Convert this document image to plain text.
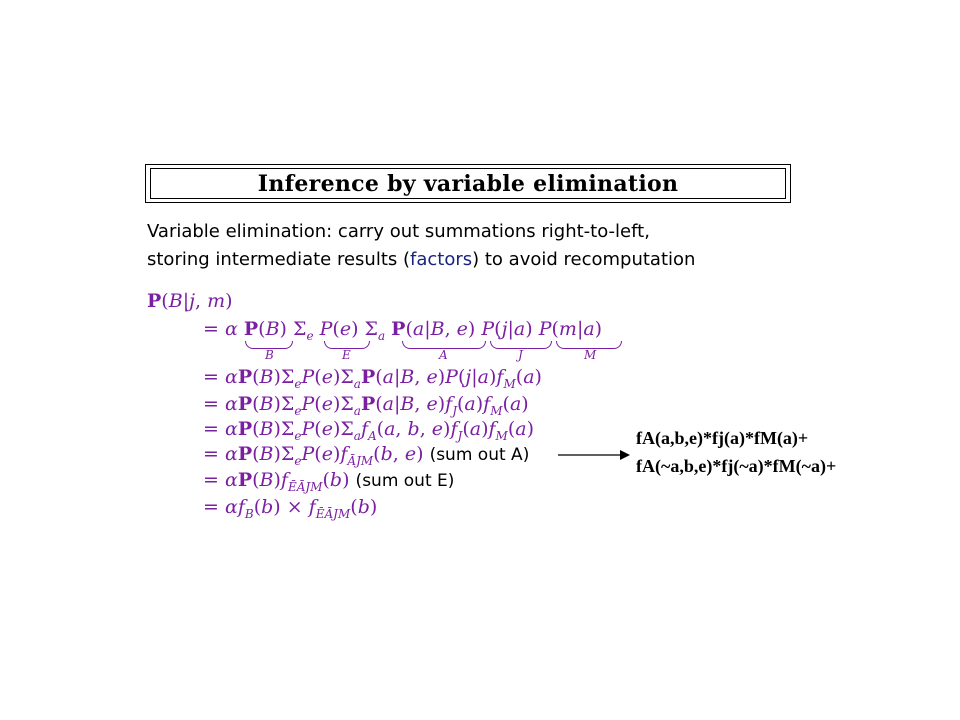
Inference by variable elimination
Variable elimination: carry out summations right-to-left,
storing intermediate results (factors) to avoid recomputation
P(B|j, m)
= α P(B) $\Sigma_e$ P(e) $\Sigma_a$ P(a|B, e) P(j|a) P(m|a)
B	E	A	J	M
= $\alpha P(B)\Sigma_eP(e)\Sigma_aP(a|B$, $e)P(j|a)f_M(a)$
= $\alpha P(B)\Sigma_eP(e)\Sigma_aP(a|B$, $e)f_J(a)f_M(a)$
= $\alpha P(B)\Sigma_eP(e)\Sigma_af_A(a$, b, $e)f_J(a)f_M(a)$
= $\alpha P(B)\Sigma_eP(e)f_{ĀJM}(b$, e) (sum out A)
= $\alpha P(B)f_{ĒĀJM}(b)$ (sum out E)
= $\alpha f_B(b) \times f_{ĒĀJM}(b)$
fA(a,b,e)*fj(a)*fM(a)+
fA(~a,b,e)*fj(~a)*fM(~a)+
